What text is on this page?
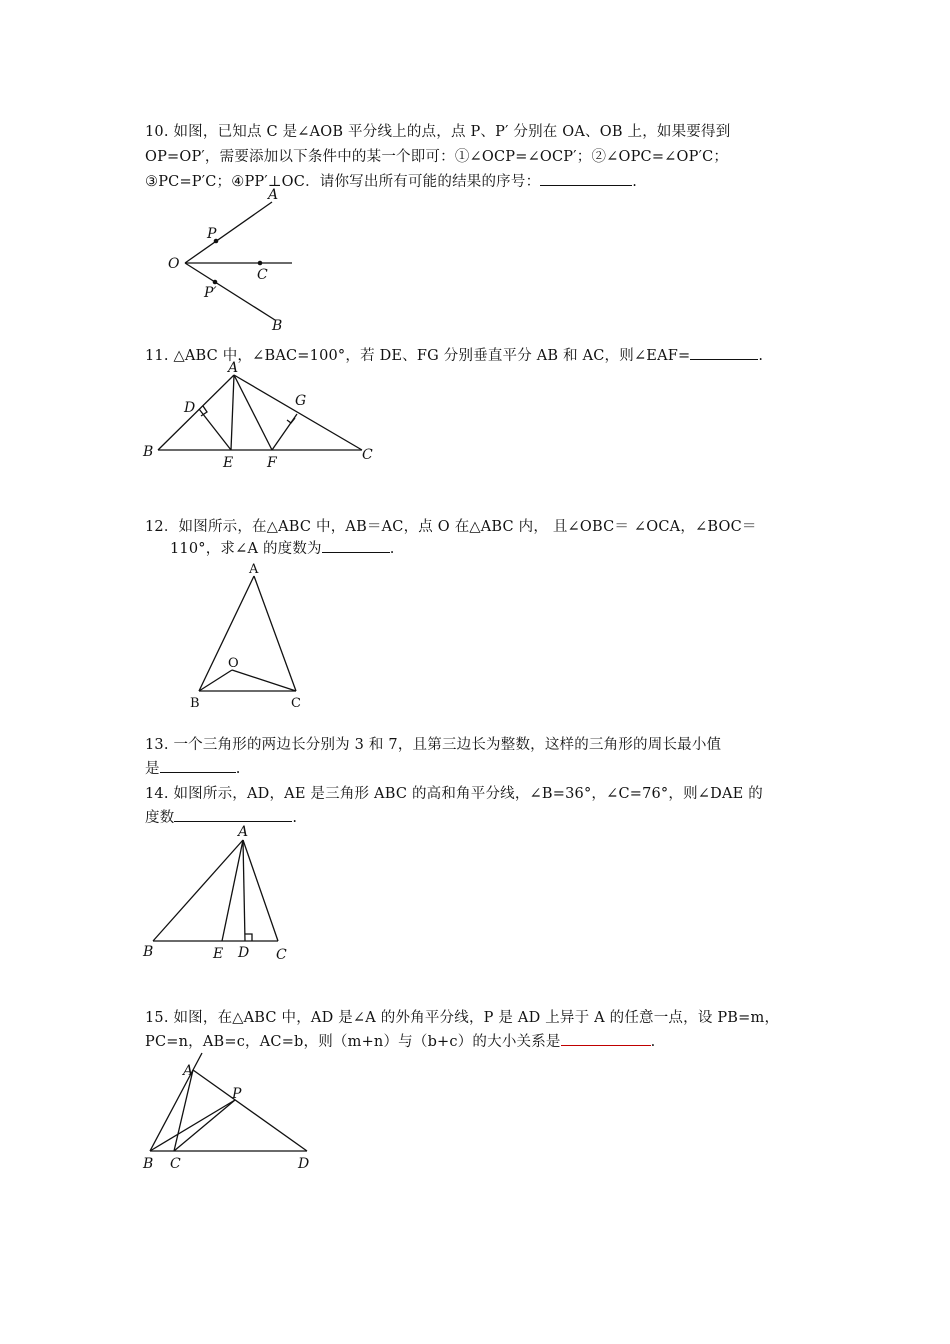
10. 如图，已知点 C 是∠AOB 平分线上的点，点 P、P′ 分别在 OA、OB 上，如果要得到
OP=OP′，需要添加以下条件中的某一个即可：①∠OCP=∠OCP′；②∠OPC=∠OP′C；
③PC=P′C；④PP′⊥OC．请你写出所有可能的结果的序号：	.
A
P
O
C
P′
B
11. △ABC 中，∠BAC=100°，若 DE、FG 分别垂直平分 AB 和 AC，则∠EAF=	.
A
D	G
B
E F	C
12．如图所示，在△ABC 中，AB＝AC，点 O 在△ABC 内， 且∠OBC＝ ∠OCA，∠BOC＝
110°，求∠A 的度数为	.
A
O
B	C
13. 一个三角形的两边长分别为 3 和 7，且第三边长为整数，这样的三角形的周长最小值
是	.
14. 如图所示，AD，AE 是三角形 ABC 的高和角平分线，∠B=36°，∠C=76°，则∠DAE 的
度数	.
A
B	E D C
15. 如图，在△ABC 中，AD 是∠A 的外角平分线，P 是 AD 上异于 A 的任意一点，设 PB=m，
PC=n，AB=c，AC=b，则（m+n）与（b+c）的大小关系是	.
A
P
B C	D
